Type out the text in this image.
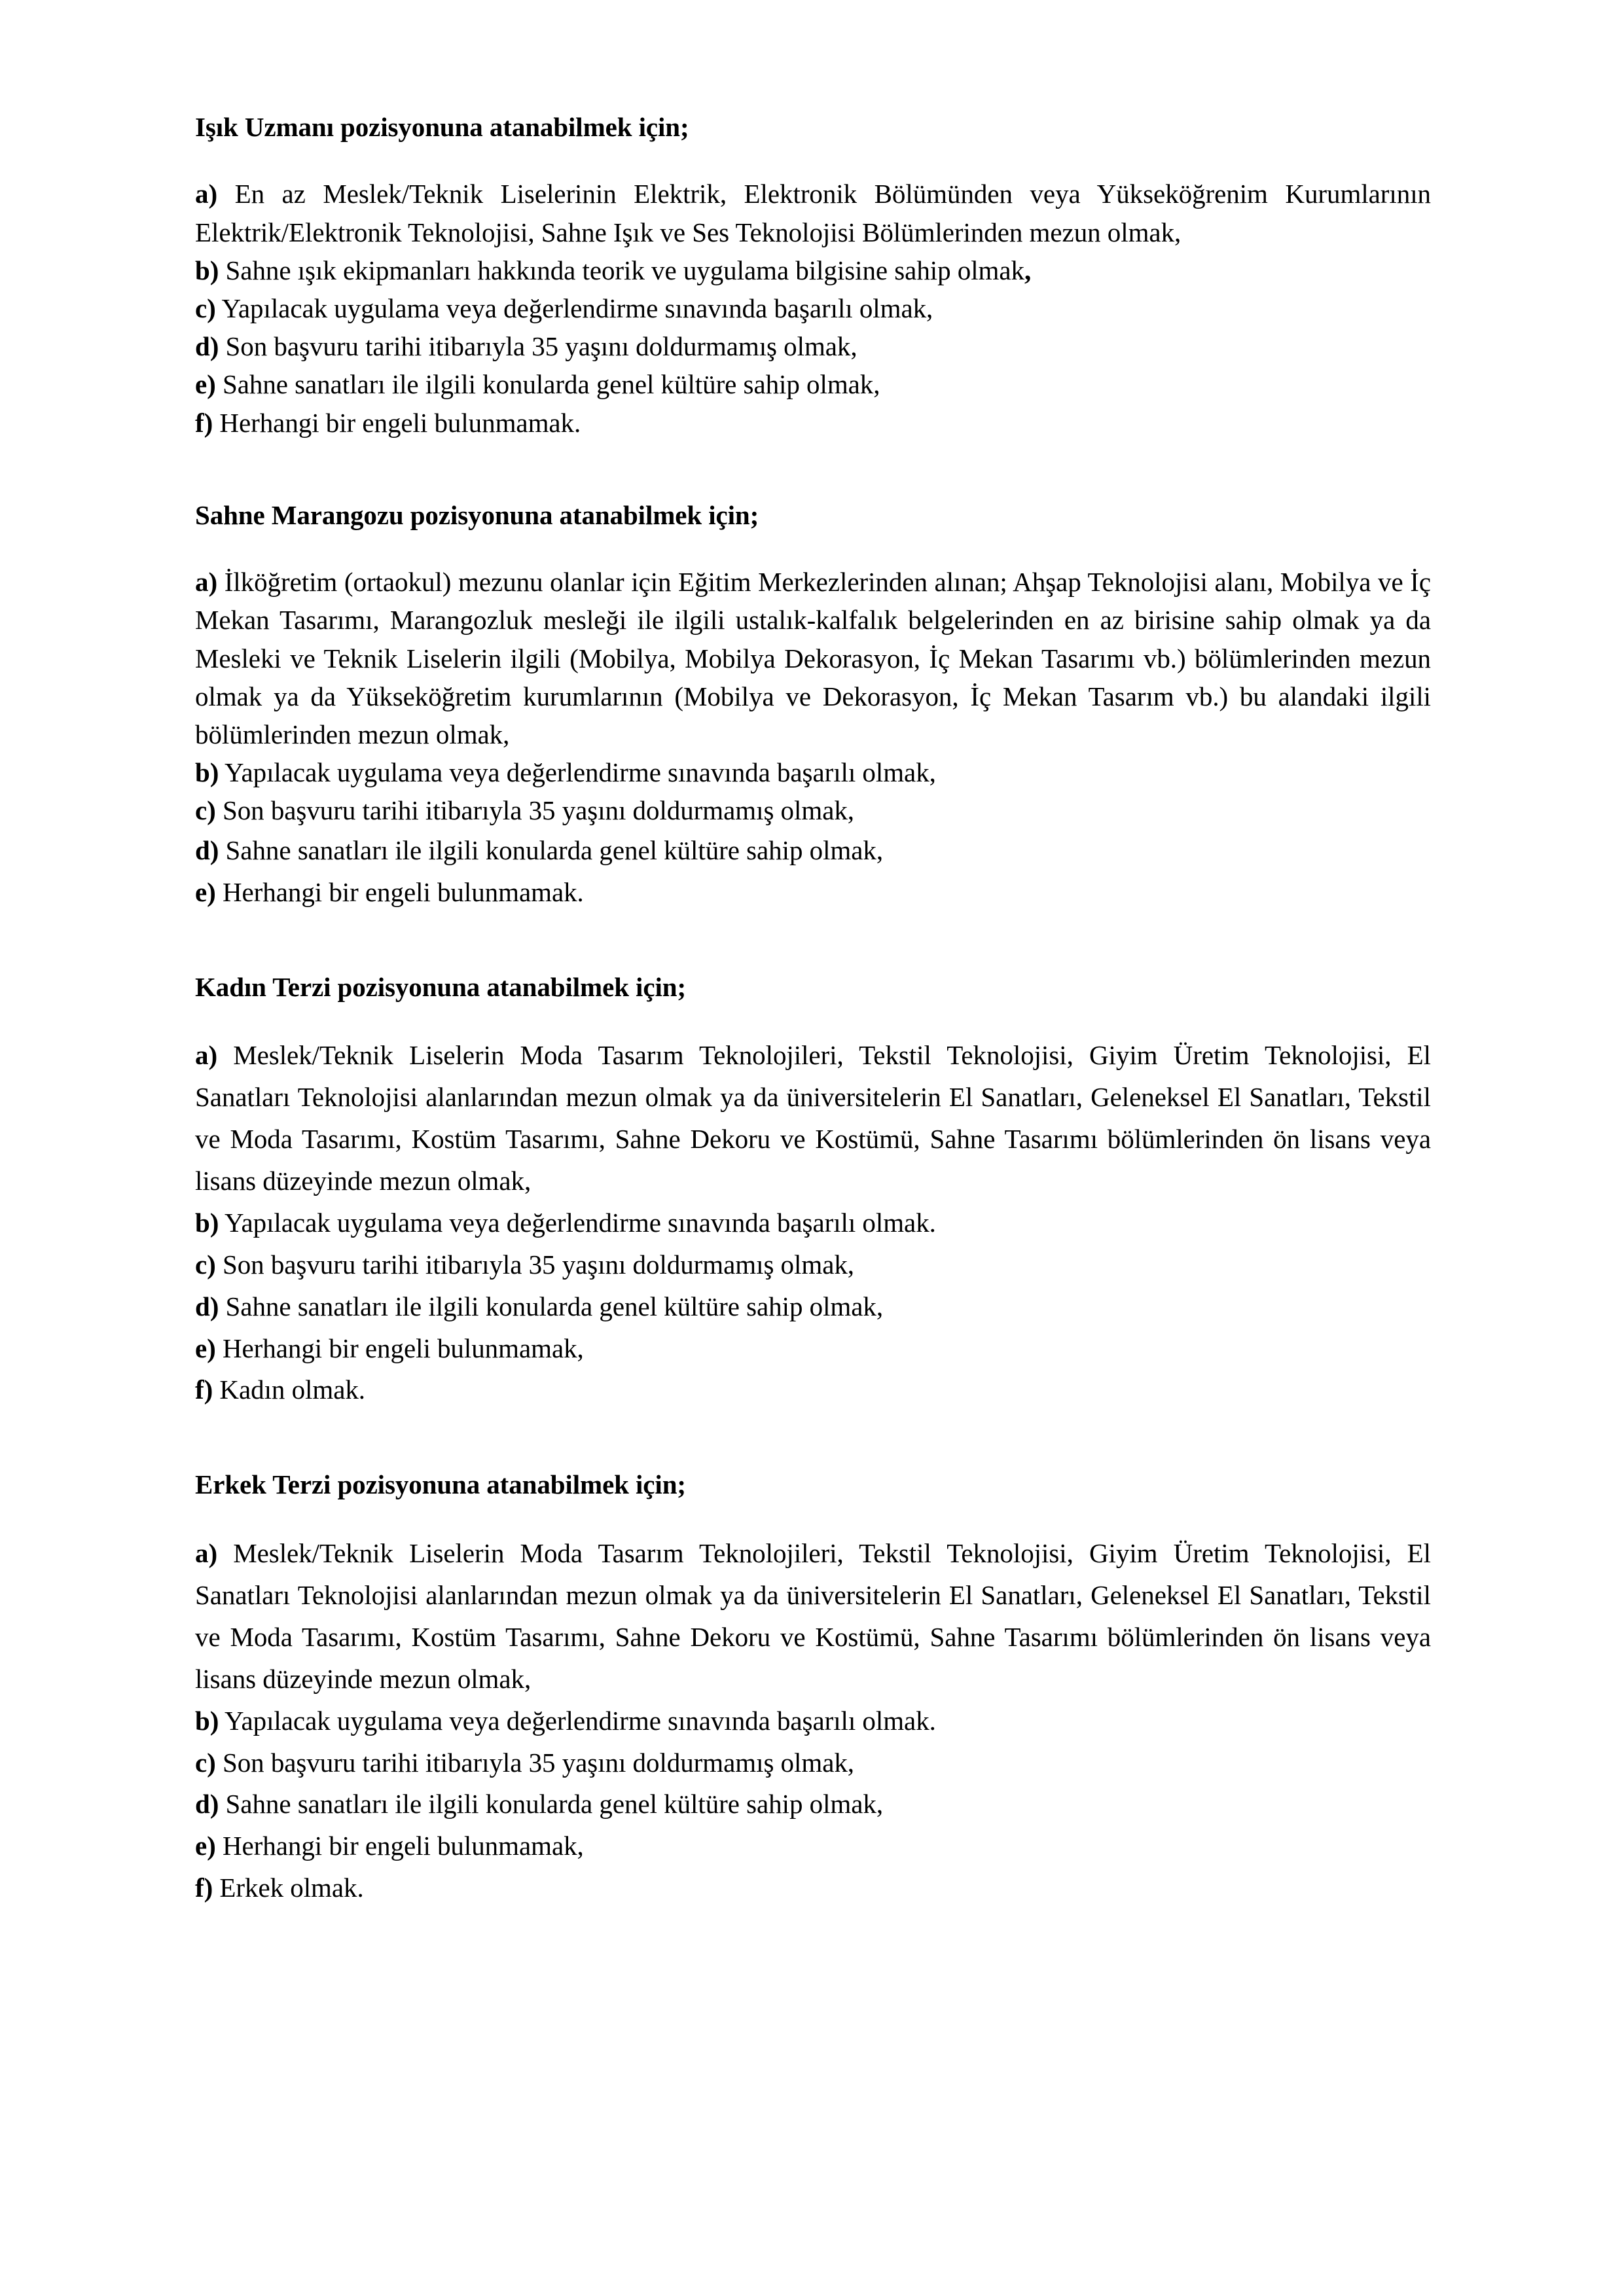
Işık Uzmanı pozisyonuna atanabilmek için;

a) En az Meslek/Teknik Liselerinin Elektrik, Elektronik Bölümünden veya Yükseköğrenim Kurumlarının Elektrik/Elektronik Teknolojisi, Sahne Işık ve Ses Teknolojisi Bölümlerinden mezun olmak,

b) Sahne ışık ekipmanları hakkında teorik ve uygulama bilgisine sahip olmak,

c) Yapılacak uygulama veya değerlendirme sınavında başarılı olmak,

d) Son başvuru tarihi itibarıyla 35 yaşını doldurmamış olmak,

e) Sahne sanatları ile ilgili konularda genel kültüre sahip olmak,

f) Herhangi bir engeli bulunmamak.

Sahne Marangozu pozisyonuna atanabilmek için;

a) İlköğretim (ortaokul) mezunu olanlar için Eğitim Merkezlerinden alınan; Ahşap Teknolojisi alanı, Mobilya ve İç Mekan Tasarımı, Marangozluk mesleği ile ilgili ustalık-kalfalık belgelerinden en az birisine sahip olmak ya da Mesleki ve Teknik Liselerin ilgili (Mobilya, Mobilya Dekorasyon, İç Mekan Tasarımı vb.) bölümlerinden mezun olmak ya da Yükseköğretim kurumlarının (Mobilya ve Dekorasyon, İç Mekan Tasarım vb.) bu alandaki ilgili bölümlerinden mezun olmak,

b) Yapılacak uygulama veya değerlendirme sınavında başarılı olmak,

c) Son başvuru tarihi itibarıyla 35 yaşını doldurmamış olmak,

d) Sahne sanatları ile ilgili konularda genel kültüre sahip olmak,

e) Herhangi bir engeli bulunmamak.

Kadın Terzi pozisyonuna atanabilmek için;

a) Meslek/Teknik Liselerin Moda Tasarım Teknolojileri, Tekstil Teknolojisi, Giyim Üretim Teknolojisi, El Sanatları Teknolojisi alanlarından mezun olmak ya da üniversitelerin El Sanatları, Geleneksel El Sanatları, Tekstil ve Moda Tasarımı, Kostüm Tasarımı, Sahne Dekoru ve Kostümü, Sahne Tasarımı bölümlerinden ön lisans veya lisans düzeyinde mezun olmak,

b) Yapılacak uygulama veya değerlendirme sınavında başarılı olmak.

c) Son başvuru tarihi itibarıyla 35 yaşını doldurmamış olmak,

d) Sahne sanatları ile ilgili konularda genel kültüre sahip olmak,

e) Herhangi bir engeli bulunmamak,

f) Kadın olmak.

Erkek Terzi pozisyonuna atanabilmek için;

a) Meslek/Teknik Liselerin Moda Tasarım Teknolojileri, Tekstil Teknolojisi, Giyim Üretim Teknolojisi, El Sanatları Teknolojisi alanlarından mezun olmak ya da üniversitelerin El Sanatları, Geleneksel El Sanatları, Tekstil ve Moda Tasarımı, Kostüm Tasarımı, Sahne Dekoru ve Kostümü, Sahne Tasarımı bölümlerinden ön lisans veya lisans düzeyinde mezun olmak,

b) Yapılacak uygulama veya değerlendirme sınavında başarılı olmak.

c) Son başvuru tarihi itibarıyla 35 yaşını doldurmamış olmak,

d) Sahne sanatları ile ilgili konularda genel kültüre sahip olmak,

e) Herhangi bir engeli bulunmamak,

f) Erkek olmak.
